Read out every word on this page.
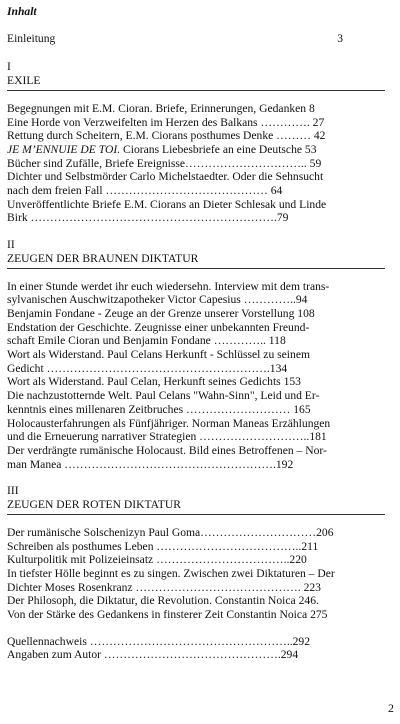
Inhalt
Einleitung	3
I
EXILE
Begegnungen mit E.M. Cioran. Briefe, Erinnerungen, Gedanken 8
Eine Horde von Verzweifelten im Herzen des Balkans …………. 27
Rettung durch Scheitern, E.M. Ciorans posthumes Denke ……… 42
JE M’ENNUIE DE TOI. Ciorans Liebesbriefe an eine Deutsche 53
Bücher sind Zufälle, Briefe Ereignisse………………………….. 59
Dichter und Selbstmörder Carlo Michelstaedter. Oder die Sehnsucht
nach dem freien Fall …………………………………… 64
Unveröffentlichte Briefe E.M. Ciorans an Dieter Schlesak und Linde
Birk ……………………………………………………….79
II
ZEUGEN DER BRAUNEN DIKTATUR
In einer Stunde werdet ihr euch wiedersehn. Interview mit dem trans-
sylvanischen Auschwitzapotheker Victor Capesius …………..94
Benjamin Fondane - Zeuge an der Grenze unserer Vorstellung 108
Endstation der Geschichte. Zeugnisse einer unbekannten Freund-
schaft Emile Cioran und Benjamin Fondane ………….. 118
Wort als Widerstand. Paul Celans Herkunft - Schlüssel zu seinem
Gedicht ………………………………………………….134
Wort als Widerstand. Paul Celan, Herkunft seines Gedichts 153
Die nachzustotternde Welt. Paul Celans "Wahn-Sinn", Leid und Er-
kenntnis eines millenaren Zeitbruches ……………………… 165
Holocausterfahrungen als Fünfjähriger. Norman Maneas Erzählungen
und die Erneuerung narrativer Strategien ………………………..181
Der verdrängte rumänische Holocaust. Bild eines Betroffenen – Nor-
man Manea ……………………………………………….192
III
ZEUGEN DER ROTEN DIKTATUR
Der rumänische Solschenizyn Paul Goma…………………………206
Schreiben als posthumes Leben ………………………………..211
Kulturpolitik mit Polizeieinsatz ……………………………..220
In tiefster Hölle beginnt es zu singen. Zwischen zwei Diktaturen – Der
Dichter Moses Rosenkranz ……………………………………. 223
Der Philosoph, die Diktatur, die Revolution. Constantin Noica 246.
Von der Stärke des Gedankens in finsterer Zeit Constantin Noica 275
Quellennachweis ……………………………………………..292
Angaben zum Autor ……………………………………….294
2
